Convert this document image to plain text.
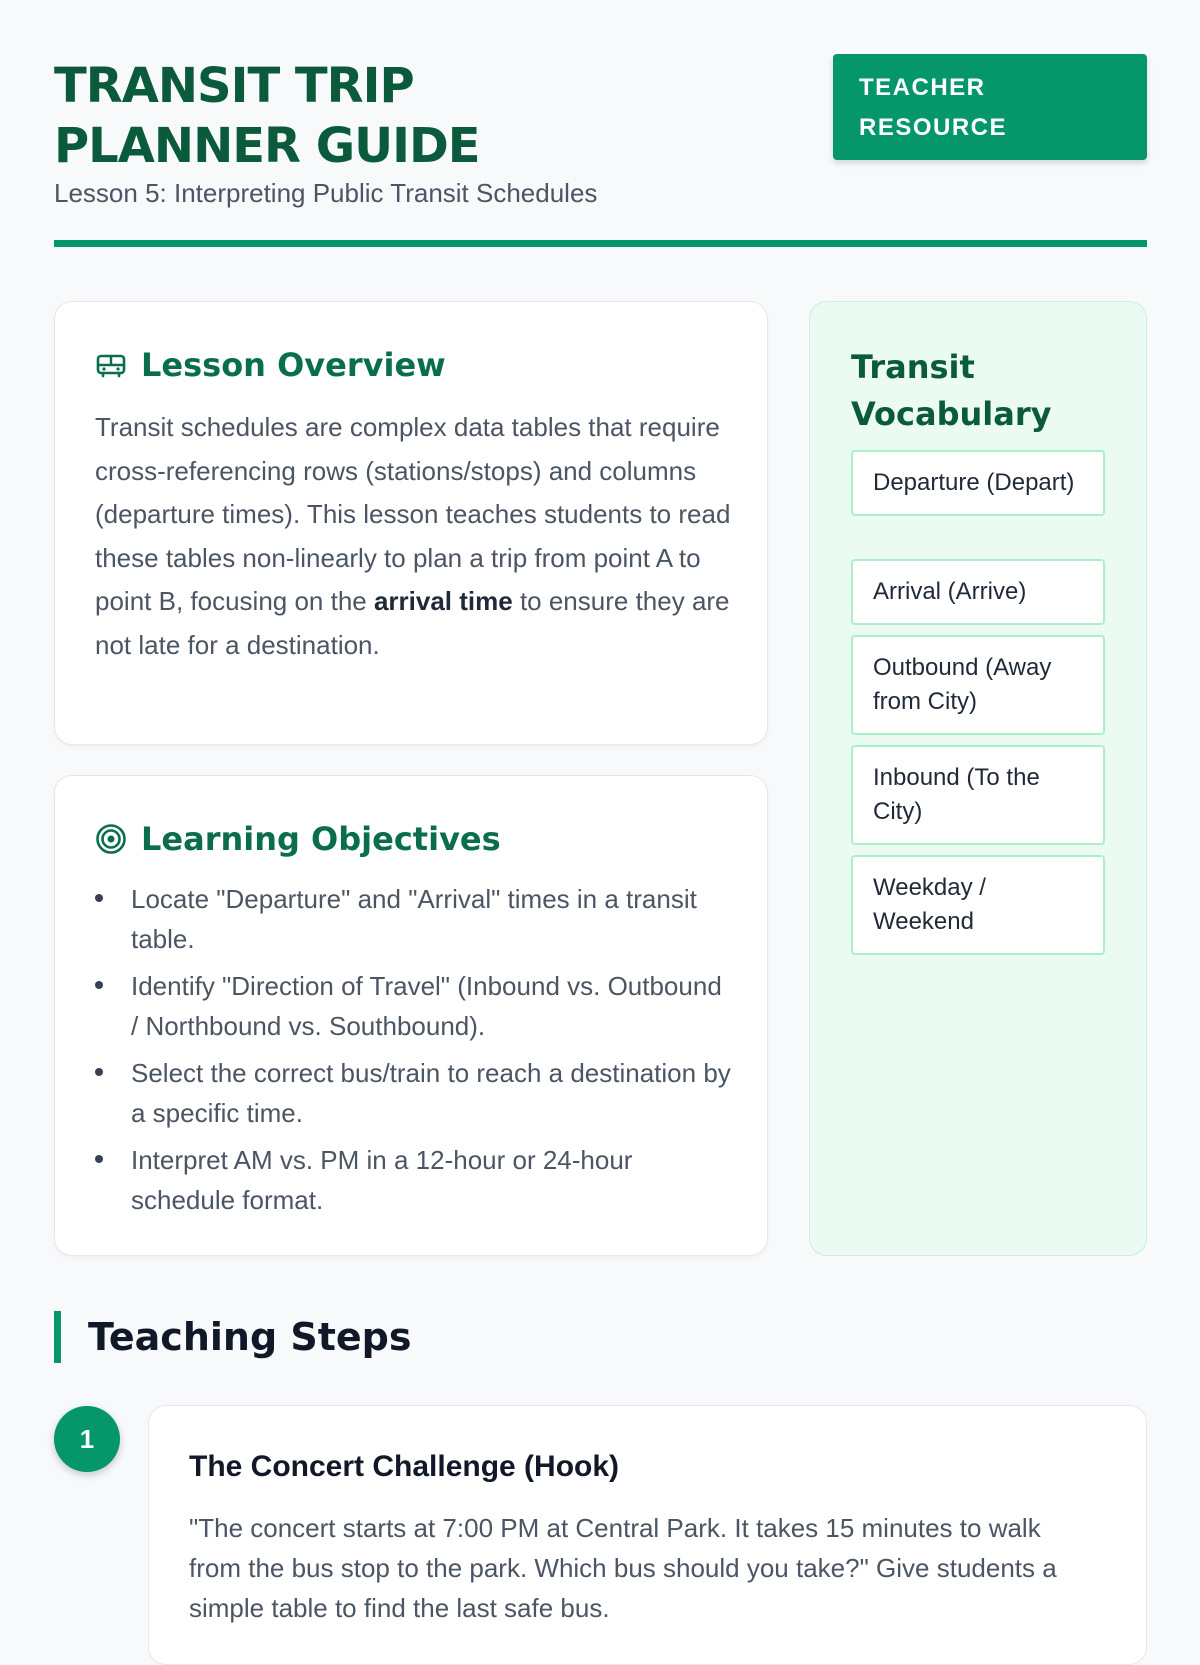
TRANSIT TRIP
PLANNER GUIDE
Lesson 5: Interpreting Public Transit Schedules
TEACHER
RESOURCE
Lesson Overview

Transit schedules are complex data tables that require cross-referencing rows (stations/stops) and columns (departure times). This lesson teaches students to read these tables non-linearly to plan a trip from point A to point B, focusing on the arrival time to ensure they are not late for a destination.

Learning Objectives
Locate "Departure" and "Arrival" times in a transit table.
Identify "Direction of Travel" (Inbound vs. Outbound / Northbound vs. Southbound).
Select the correct bus/train to reach a destination by a specific time.
Interpret AM vs. PM in a 12-hour or 24-hour schedule format.
Transit
Vocabulary
Departure (Depart)
Arrival (Arrive)
Outbound (Away from City)
Inbound (To the City)
Weekday / Weekend
Teaching Steps
1
The Concert Challenge (Hook)

"The concert starts at 7:00 PM at Central Park. It takes 15 minutes to walk from the bus stop to the park. Which bus should you take?" Give students a simple table to find the last safe bus.
